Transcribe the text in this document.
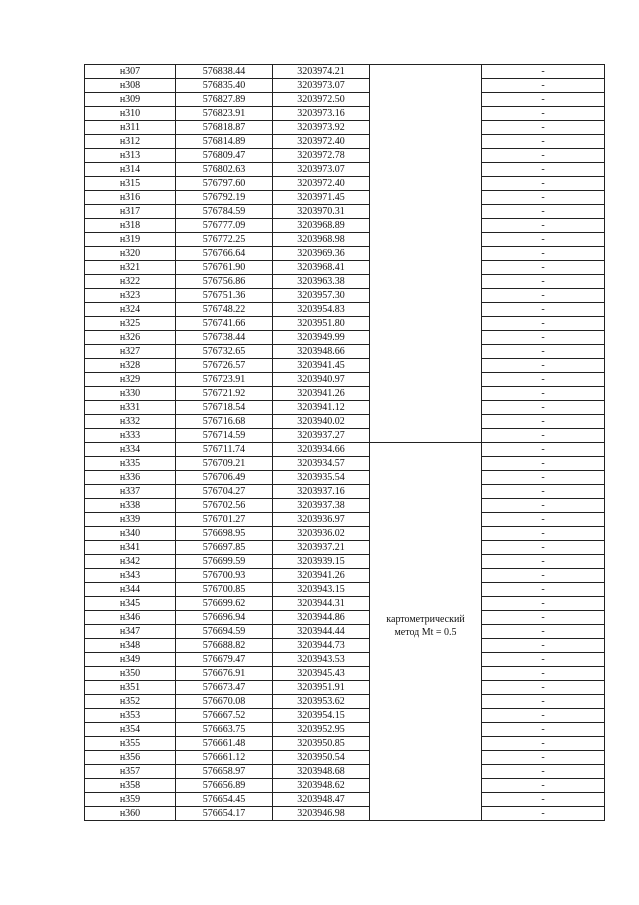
н307	576838.44	3203974.21		-
н308	576835.40	3203973.07		-
н309	576827.89	3203972.50		-
н310	576823.91	3203973.16		-
н311	576818.87	3203973.92		-
н312	576814.89	3203972.40		-
н313	576809.47	3203972.78		-
н314	576802.63	3203973.07		-
н315	576797.60	3203972.40		-
н316	576792.19	3203971.45		-
н317	576784.59	3203970.31		-
н318	576777.09	3203968.89		-
н319	576772.25	3203968.98		-
н320	576766.64	3203969.36		-
н321	576761.90	3203968.41		-
н322	576756.86	3203963.38		-
н323	576751.36	3203957.30		-
н324	576748.22	3203954.83		-
н325	576741.66	3203951.80		-
н326	576738.44	3203949.99		-
н327	576732.65	3203948.66		-
н328	576726.57	3203941.45		-
н329	576723.91	3203940.97		-
н330	576721.92	3203941.26		-
н331	576718.54	3203941.12		-
н332	576716.68	3203940.02		-
н333	576714.59	3203937.27		-
н334	576711.74	3203934.66	картометрический метод Mt = 0.5	-
н335	576709.21	3203934.57		-
н336	576706.49	3203935.54		-
н337	576704.27	3203937.16		-
н338	576702.56	3203937.38		-
н339	576701.27	3203936.97		-
н340	576698.95	3203936.02		-
н341	576697.85	3203937.21		-
н342	576699.59	3203939.15		-
н343	576700.93	3203941.26		-
н344	576700.85	3203943.15		-
н345	576699.62	3203944.31		-
н346	576696.94	3203944.86		-
н347	576694.59	3203944.44		-
н348	576688.82	3203944.73		-
н349	576679.47	3203943.53		-
н350	576676.91	3203945.43		-
н351	576673.47	3203951.91		-
н352	576670.08	3203953.62		-
н353	576667.52	3203954.15		-
н354	576663.75	3203952.95		-
н355	576661.48	3203950.85		-
н356	576661.12	3203950.54		-
н357	576658.97	3203948.68		-
н358	576656.89	3203948.62		-
н359	576654.45	3203948.47		-
н360	576654.17	3203946.98		-
